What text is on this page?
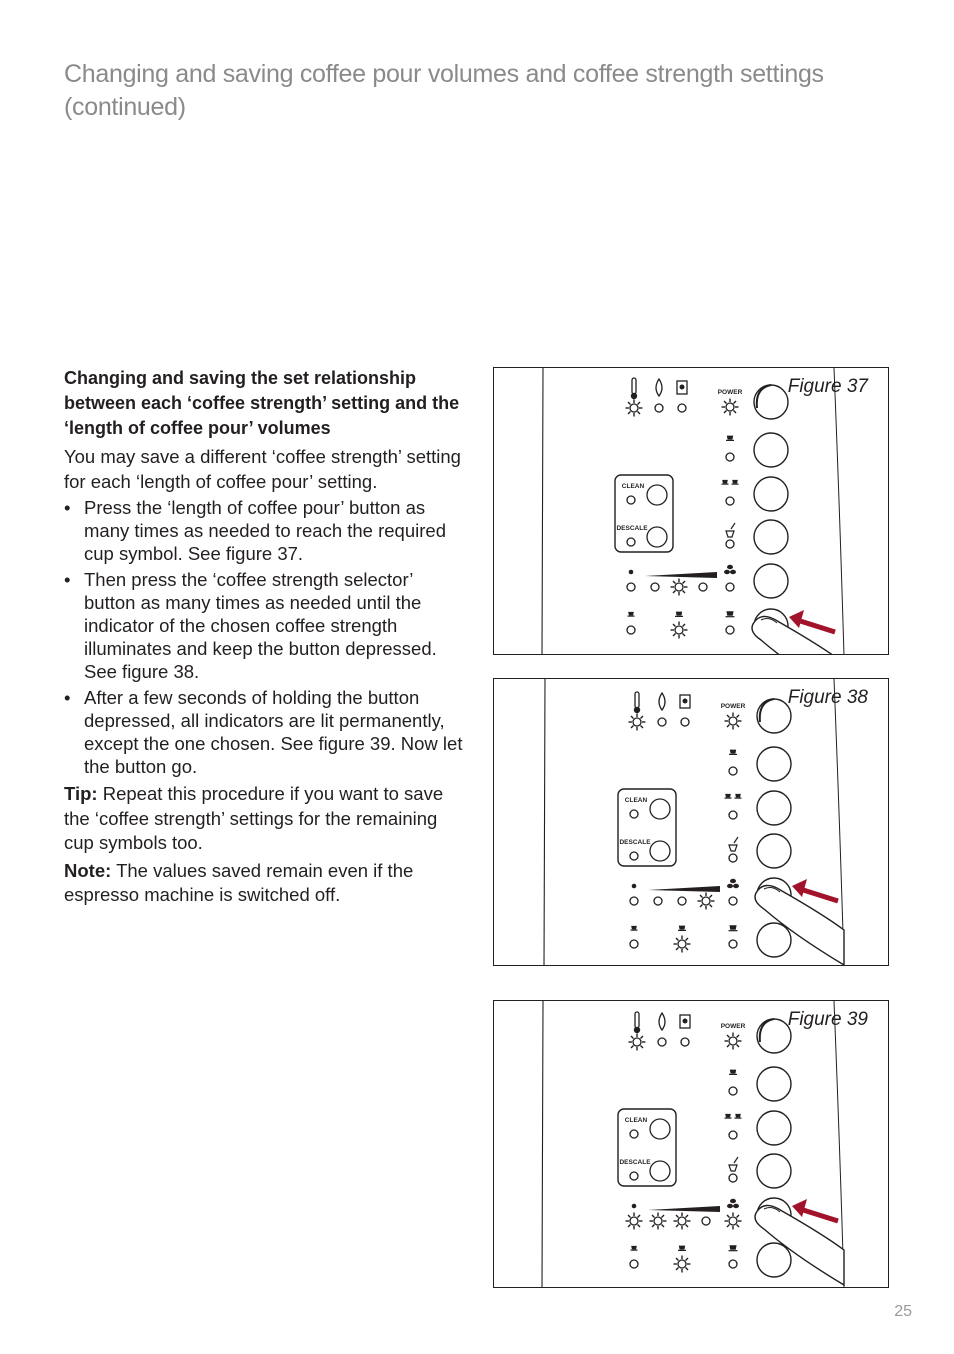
Changing and saving coffee pour volumes and coffee strength settings (continued)

Changing and saving the set relationship between each ‘coffee strength’ setting and the ‘length of coffee pour’ volumes

You may save a different ‘coffee strength’ setting for each ‘length of coffee pour’ setting.

• Press the ‘length of coffee pour’ button as many times as needed to reach the required cup symbol. See figure 37.
• Then press the ‘coffee strength selector’ button as many times as needed until the indicator of the chosen coffee strength illuminates and keep the button depressed. See figure 38.
• After a few seconds of holding the button depressed, all indicators are lit permanently, except the one chosen. See figure 39. Now let the button go.

Tip: Repeat this procedure if you want to save the ‘coffee strength’ settings for the remaining cup symbols too.

Note: The values saved remain even if the espresso machine is switched off.

POWER
CLEAN
DESCALE
Figure 37
POWER
CLEAN
DESCALE
Figure 38
POWER
CLEAN
DESCALE
Figure 39
25
